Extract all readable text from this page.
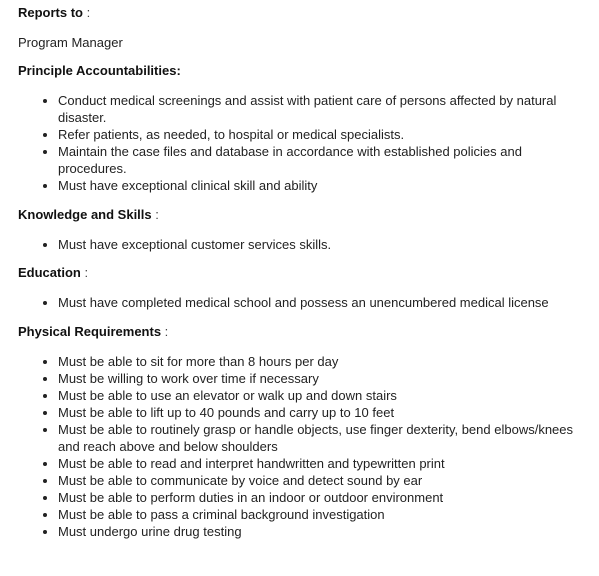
Reports to :

Program Manager

Principle Accountabilities:

• Conduct medical screenings and assist with patient care of persons affected by natural disaster.
• Refer patients, as needed, to hospital or medical specialists.
• Maintain the case files and database in accordance with established policies and procedures.
• Must have exceptional clinical skill and ability

Knowledge and Skills :

• Must have exceptional customer services skills.

Education :

• Must have completed medical school and possess an unencumbered medical license

Physical Requirements :

• Must be able to sit for more than 8 hours per day
• Must be willing to work over time if necessary
• Must be able to use an elevator or walk up and down stairs
• Must be able to lift up to 40 pounds and carry up to 10 feet
• Must be able to routinely grasp or handle objects, use finger dexterity, bend elbows/knees and reach above and below shoulders
• Must be able to read and interpret handwritten and typewritten print
• Must be able to communicate by voice and detect sound by ear
• Must be able to perform duties in an indoor or outdoor environment
• Must be able to pass a criminal background investigation
• Must undergo urine drug testing
